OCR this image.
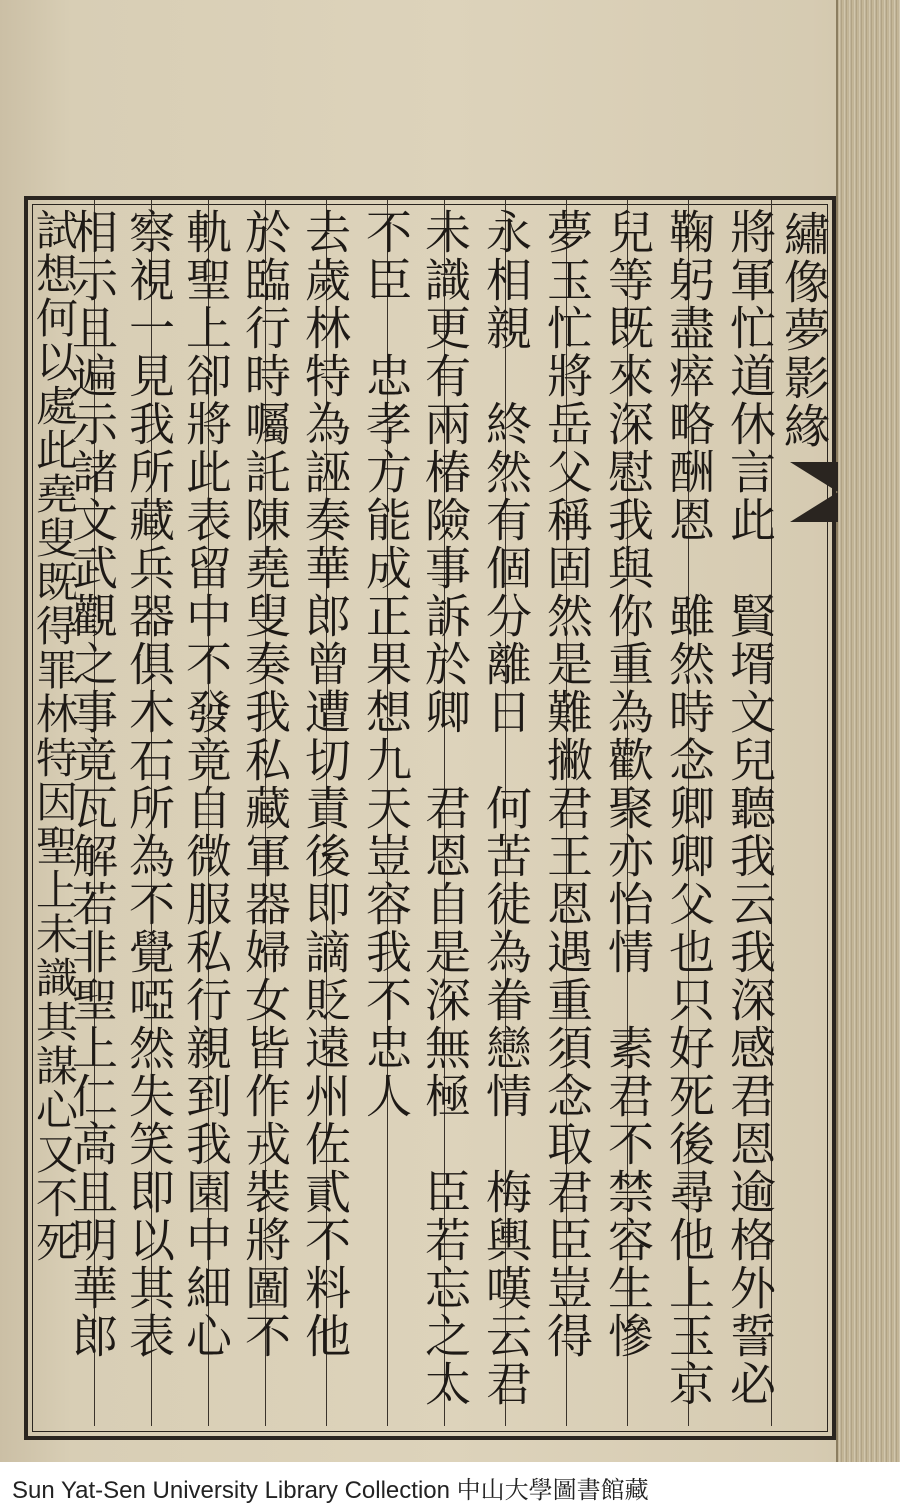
繡像夢影緣
將軍忙道休言此　賢壻文兒聽我云我深感君恩逾格外誓必
鞠躬盡瘁略酬恩　雖然時念卿卿父也只好死後尋他上玉京
兒等既來深慰我與你重為歡聚亦怡情　素君不禁容生慘
夢玉忙將岳父稱固然是難撇君王恩遇重須念取君臣豈得
永相親　終然有個分離日　何苦徒為眷戀情　梅輿嘆云君
未識更有兩椿險事訴於卿　君恩自是深無極　臣若忘之太
不臣　忠孝方能成正果想九天豈容我不忠人
去歲林特為誣奏華郎曾遭切責後即謫貶遠州佐貳不料他
於臨行時囑託陳堯叟奏我私藏軍器婦女皆作戎裝將圖不
軌聖上卻將此表留中不發竟自微服私行親到我園中細心
察視一見我所藏兵器俱木石所為不覺啞然失笑即以其表
相示且遍示諸文武觀之事竟瓦解若非聖上仁高且明華郎
試想何以處此堯叟既得罪林特因聖上未識其謀心又不死
Sun Yat-Sen University Library Collection 中山大學圖書館藏
